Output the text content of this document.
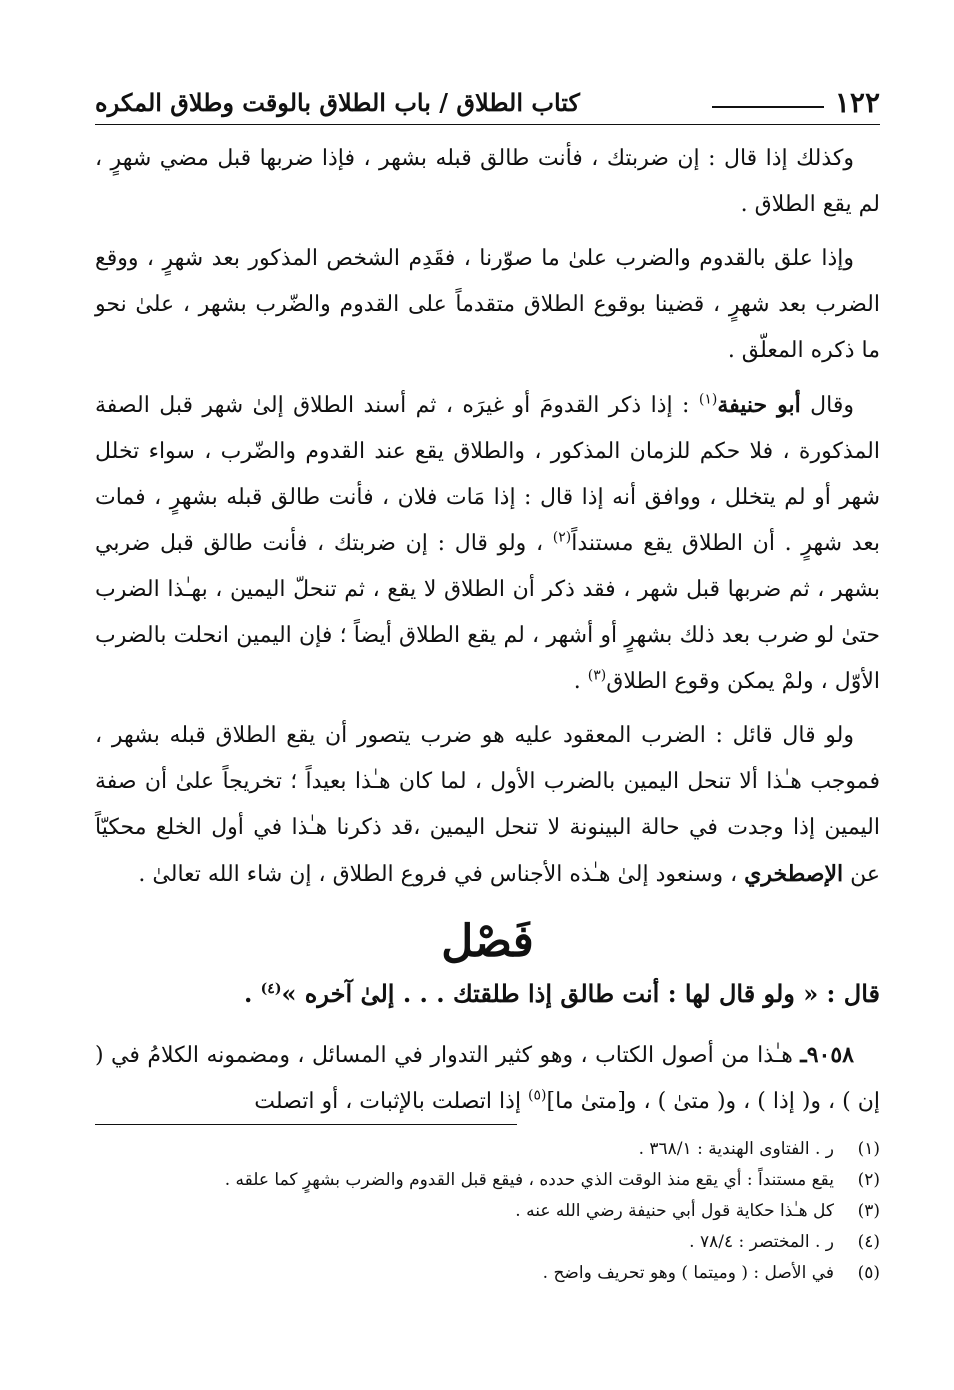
١٢٢
كتاب الطلاق / باب الطلاق بالوقت وطلاق المكره

وكذلك إذا قال : إن ضربتك ، فأنت طالق قبله بشهر ، فإذا ضربها قبل مضي شهرٍ ، لم يقع الطلاق .

وإذا علق بالقدوم والضرب علىٰ ما صوّرنا ، فقَدِم الشخص المذكور بعد شهرٍ ، ووقع الضرب بعد شهرٍ ، قضينا بوقوع الطلاق متقدماً على القدوم والضّرب بشهر ، علىٰ نحو ما ذكره المعلّق .

وقال أبو حنيفة$^{(١)}$ : إذا ذكر القدومَ أو غيرَه ، ثم أسند الطلاق إلىٰ شهر قبل الصفة المذكورة ، فلا حكم للزمان المذكور ، والطلاق يقع عند القدوم والضّرب ، سواء تخلل شهر أو لم يتخلل ، ووافق أنه إذا قال : إذا مَات فلان ، فأنت طالق قبله بشهرٍ ، فمات بعد شهرٍ . أن الطلاق يقع مستنداً$^{(٢)}$ ، ولو قال : إن ضربتك ، فأنت طالق قبل ضربي بشهر ، ثم ضربها قبل شهر ، فقد ذكر أن الطلاق لا يقع ، ثم تنحلّ اليمين ، بهـٰذا الضرب حتىٰ لو ضرب بعد ذلك بشهرٍ أو أشهر ، لم يقع الطلاق أيضاً ؛ فإن اليمين انحلت بالضرب الأوّل ، ولمْ يمكن وقوع الطلاق$^{(٣)}$ .

ولو قال قائل : الضرب المعقود عليه هو ضرب يتصور أن يقع الطلاق قبله بشهر ، فموجب هـٰذا ألا تنحل اليمين بالضرب الأول ، لما كان هـٰذا بعيداً ؛ تخريجاً علىٰ أن صفة اليمين إذا وجدت في حالة البينونة لا تنحل اليمين ،قد ذكرنا هـٰذا في أول الخلع محكيّاً عن الإصطخري ، وسنعود إلىٰ هـٰذه الأجناس في فروع الطلاق ، إن شاء الله تعالىٰ .

فَصْل

قال : « ولو قال لها : أنت طالق إذا طلقتك . . . إلىٰ آخره »$^{(٤)}$ .

٩٠٥٨ـ هـٰذا من أصول الكتاب ، وهو كثير التدوار في المسائل ، ومضمونه الكلامُ في ( إن ) ، و( إذا ) ، و( متىٰ ) ، و[متىٰ ما]$^{(٥)}$ إذا اتصلت بالإثبات ، أو اتصلت

(١)ر . الفتاوى الهندية : ٣٦٨/١ .
(٢)يقع مستنداً : أي يقع منذ الوقت الذي حدده ، فيقع قبل القدوم والضرب بشهرٍ كما علقه .
(٣)كل هـٰذا حكاية قول أبي حنيفة رضي الله عنه .
(٤)ر . المختصر : ٧٨/٤ .
(٥)في الأصل : ( وميتما ) وهو تحريف واضح .
